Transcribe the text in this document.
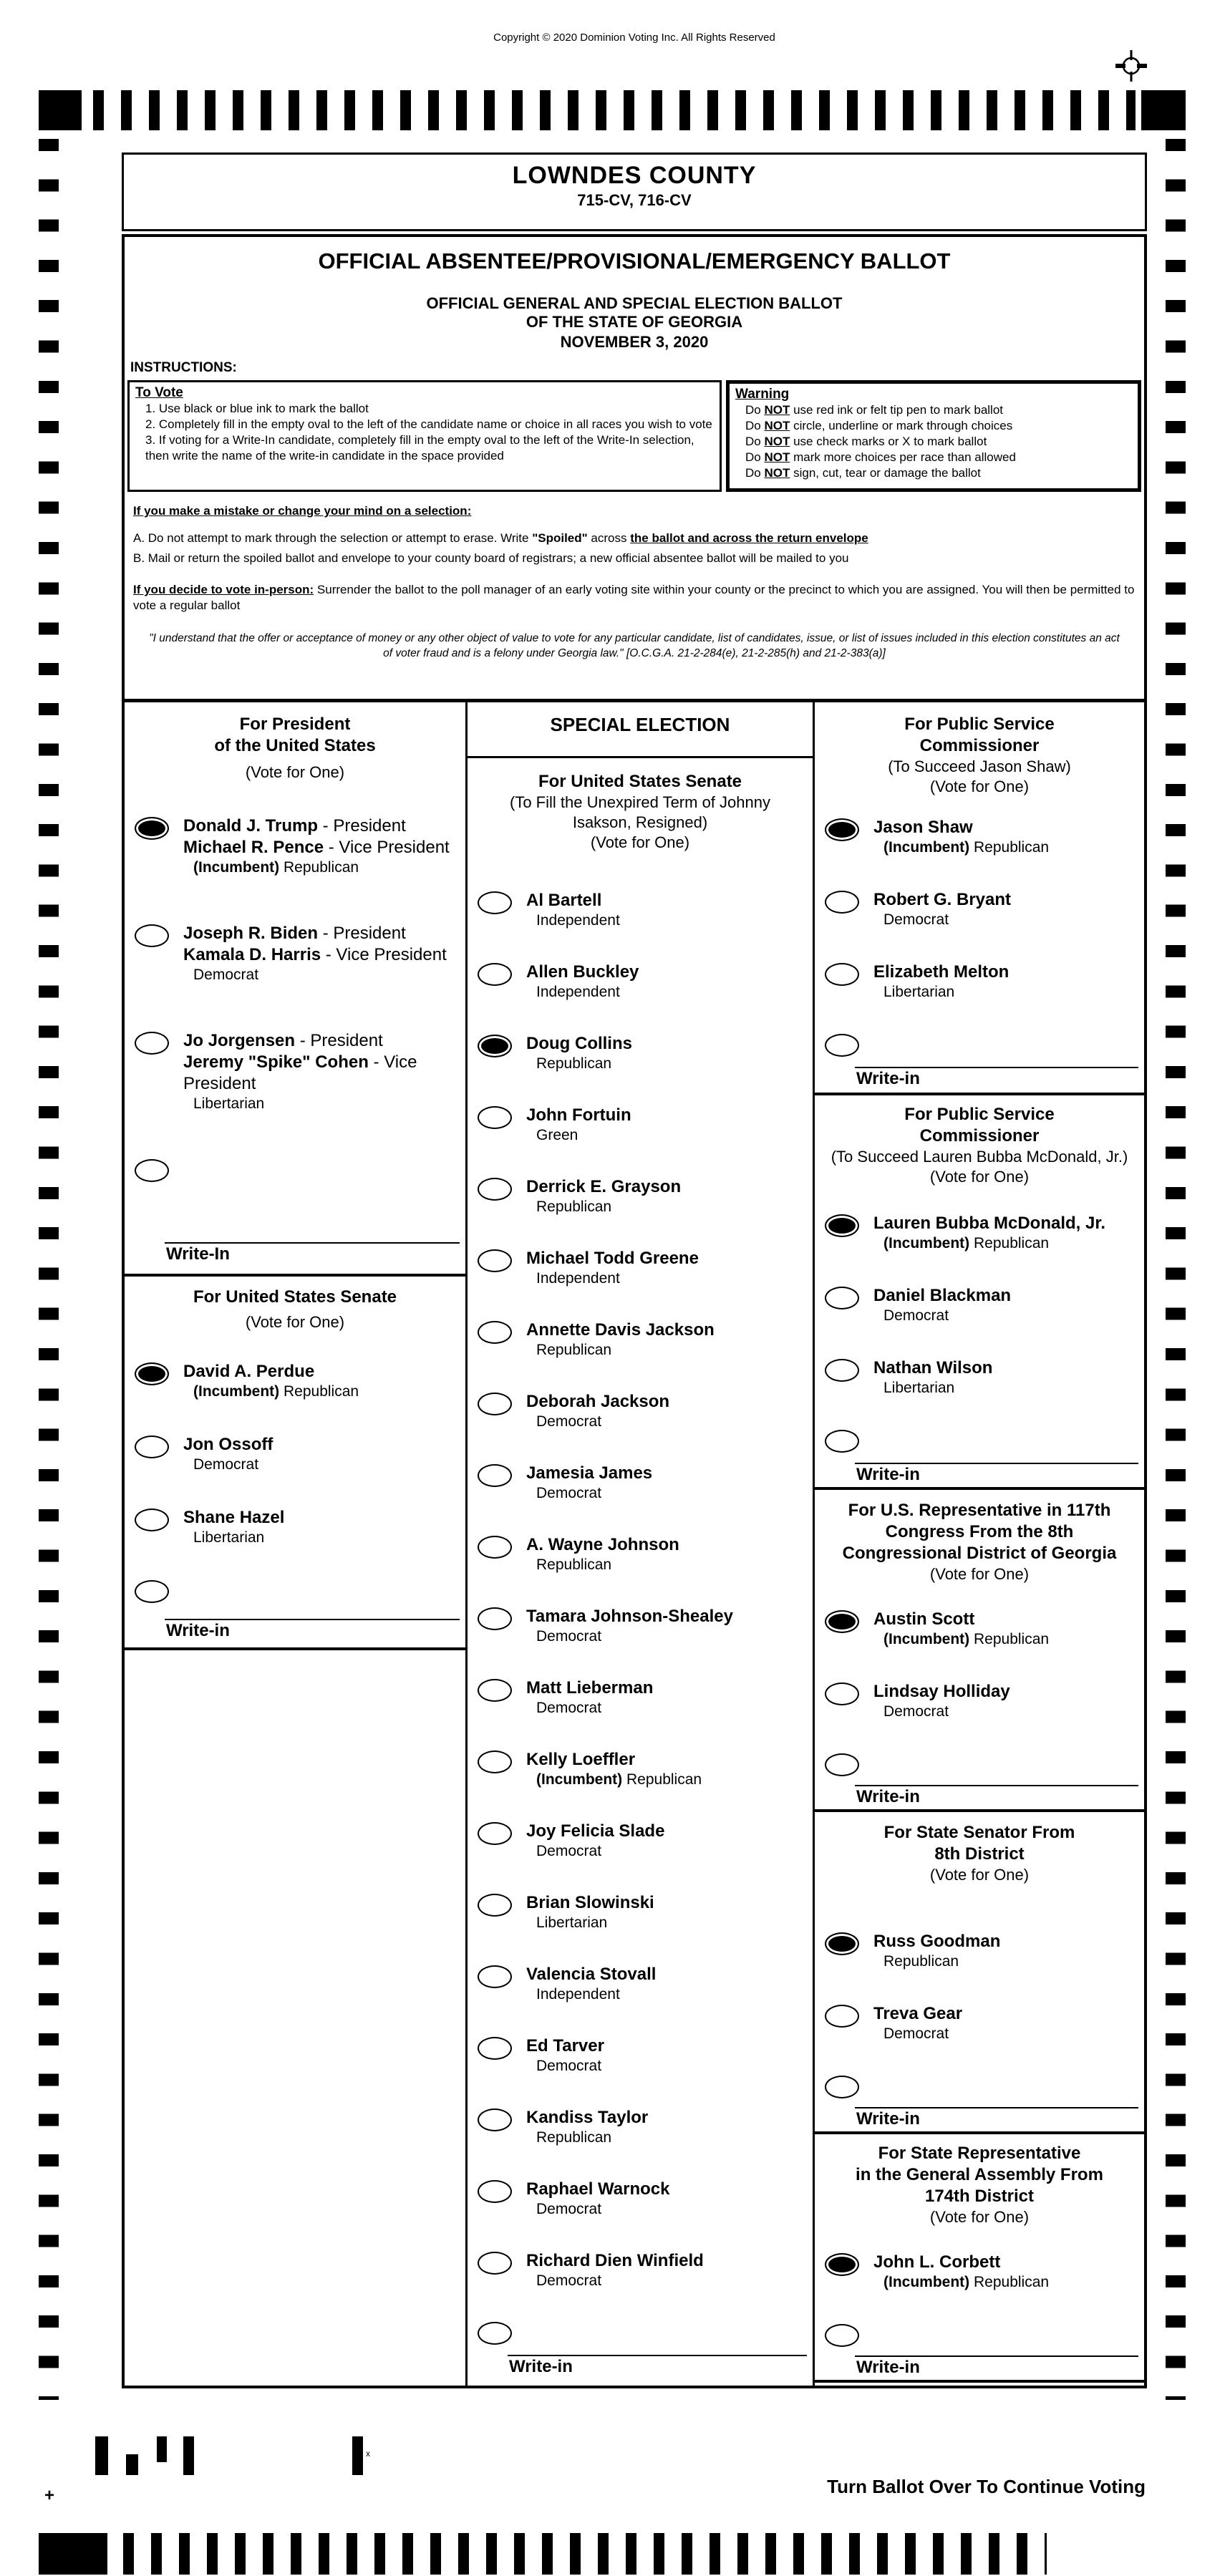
Copyright © 2020 Dominion Voting Inc. All Rights Reserved
LOWNDES COUNTY
715-CV, 716-CV
OFFICIAL ABSENTEE/PROVISIONAL/EMERGENCY BALLOT
OFFICIAL GENERAL AND SPECIAL ELECTION BALLOT
OF THE STATE OF GEORGIA
NOVEMBER 3, 2020
INSTRUCTIONS:
To Vote
1. Use black or blue ink to mark the ballot
2. Completely fill in the empty oval to the left of the candidate name or choice in all races you wish to vote
3. If voting for a Write-In candidate, completely fill in the empty oval to the left of the Write-In selection, then write the name of the write-in candidate in the space provided
Warning
Do NOT use red ink or felt tip pen to mark ballot
Do NOT circle, underline or mark through choices
Do NOT use check marks or X to mark ballot
Do NOT mark more choices per race than allowed
Do NOT sign, cut, tear or damage the ballot
If you make a mistake or change your mind on a selection:
A. Do not attempt to mark through the selection or attempt to erase. Write "Spoiled" across the ballot and across the return envelope
B. Mail or return the spoiled ballot and envelope to your county board of registrars; a new official absentee ballot will be mailed to you
If you decide to vote in-person: Surrender the ballot to the poll manager of an early voting site within your county or the precinct to which you are assigned. You will then be permitted to vote a regular ballot
"I understand that the offer or acceptance of money or any other object of value to vote for any particular candidate, list of candidates, issue, or list of issues included in this election constitutes an act of voter fraud and is a felony under Georgia law." [O.C.G.A. 21-2-284(e), 21-2-285(h) and 21-2-383(a)]
For President
of the United States
(Vote for One)
Donald J. Trump - President
Michael R. Pence - Vice President
(Incumbent) Republican
Joseph R. Biden - President
Kamala D. Harris - Vice President
Democrat
Jo Jorgensen - President
Jeremy "Spike" Cohen - Vice President
Libertarian
Write-In
For United States Senate
(Vote for One)
David A. Perdue
(Incumbent) Republican
Jon Ossoff
Democrat
Shane Hazel
Libertarian
Write-in
SPECIAL ELECTION
For United States Senate
(To Fill the Unexpired Term of Johnny
Isakson, Resigned)
(Vote for One)
Al Bartell
Independent
Allen Buckley
Independent
Doug Collins
Republican
John Fortuin
Green
Derrick E. Grayson
Republican
Michael Todd Greene
Independent
Annette Davis Jackson
Republican
Deborah Jackson
Democrat
Jamesia James
Democrat
A. Wayne Johnson
Republican
Tamara Johnson-Shealey
Democrat
Matt Lieberman
Democrat
Kelly Loeffler
(Incumbent) Republican
Joy Felicia Slade
Democrat
Brian Slowinski
Libertarian
Valencia Stovall
Independent
Ed Tarver
Democrat
Kandiss Taylor
Republican
Raphael Warnock
Democrat
Richard Dien Winfield
Democrat
Write-in
For Public Service
Commissioner
(To Succeed Jason Shaw)
(Vote for One)
Jason Shaw
(Incumbent) Republican
Robert G. Bryant
Democrat
Elizabeth Melton
Libertarian
Write-in
For Public Service
Commissioner
(To Succeed Lauren Bubba McDonald, Jr.)
(Vote for One)
Lauren Bubba McDonald, Jr.
(Incumbent) Republican
Daniel Blackman
Democrat
Nathan Wilson
Libertarian
Write-in
For U.S. Representative in 117th
Congress From the 8th
Congressional District of Georgia
(Vote for One)
Austin Scott
(Incumbent) Republican
Lindsay Holliday
Democrat
Write-in
For State Senator From
8th District
(Vote for One)
Russ Goodman
Republican
Treva Gear
Democrat
Write-in
For State Representative
in the General Assembly From
174th District
(Vote for One)
John L. Corbett
(Incumbent) Republican
Write-in
x
+	Turn Ballot Over To Continue Voting
